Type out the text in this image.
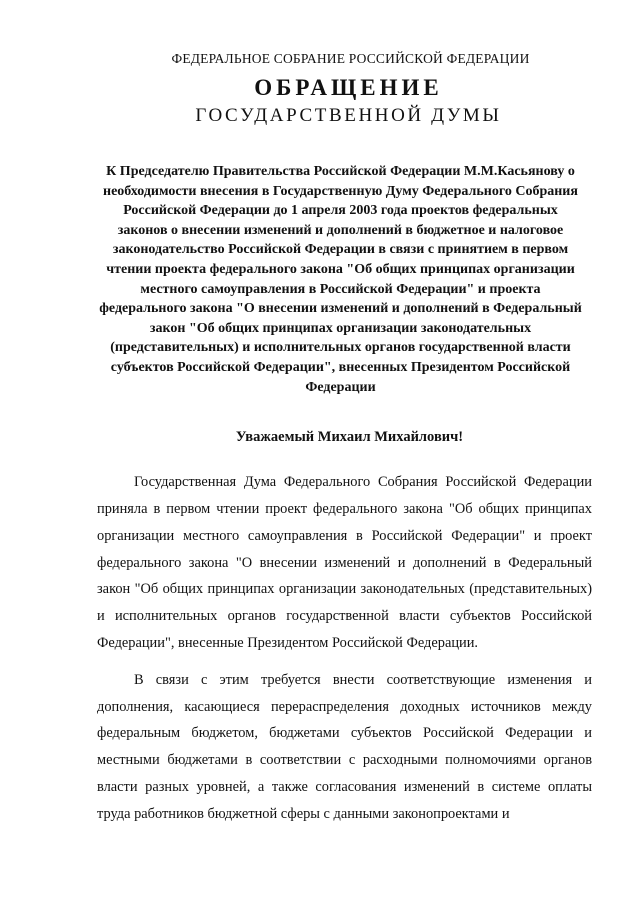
ФЕДЕРАЛЬНОЕ СОБРАНИЕ РОССИЙСКОЙ ФЕДЕРАЦИИ

ОБРАЩЕНИЕ

ГОСУДАРСТВЕННОЙ ДУМЫ

К Председателю Правительства Российской Федерации М.М.Касьянову о необходимости внесения в Государственную Думу Федерального Собрания Российской Федерации до 1 апреля 2003 года проектов федеральных законов о внесении изменений и дополнений в бюджетное и налоговое законодательство Российской Федерации в связи с принятием в первом чтении проекта федерального закона "Об общих принципах организации местного самоуправления в Российской Федерации" и проекта федерального закона "О внесении изменений и дополнений в Федеральный закон "Об общих принципах организации законодательных (представительных) и исполнительных органов государственной власти субъектов Российской Федерации", внесенных Президентом Российской Федерации

Уважаемый Михаил Михайлович!

Государственная Дума Федерального Собрания Российской Федерации приняла в первом чтении проект федерального закона "Об общих принципах организации местного самоуправления в Российской Федерации" и проект федерального закона "О внесении изменений и дополнений в Федеральный закон "Об общих принципах организации законодательных (представительных) и исполнительных органов государственной власти субъектов Российской Федерации", внесенные Президентом Российской Федерации.

В связи с этим требуется внести соответствующие изменения и дополнения, касающиеся перераспределения доходных источников между федеральным бюджетом, бюджетами субъектов Российской Федерации и местными бюджетами в соответствии с расходными полномочиями органов власти разных уровней, а также согласования изменений в системе оплаты труда работников бюджетной сферы с данными законопроектами и
